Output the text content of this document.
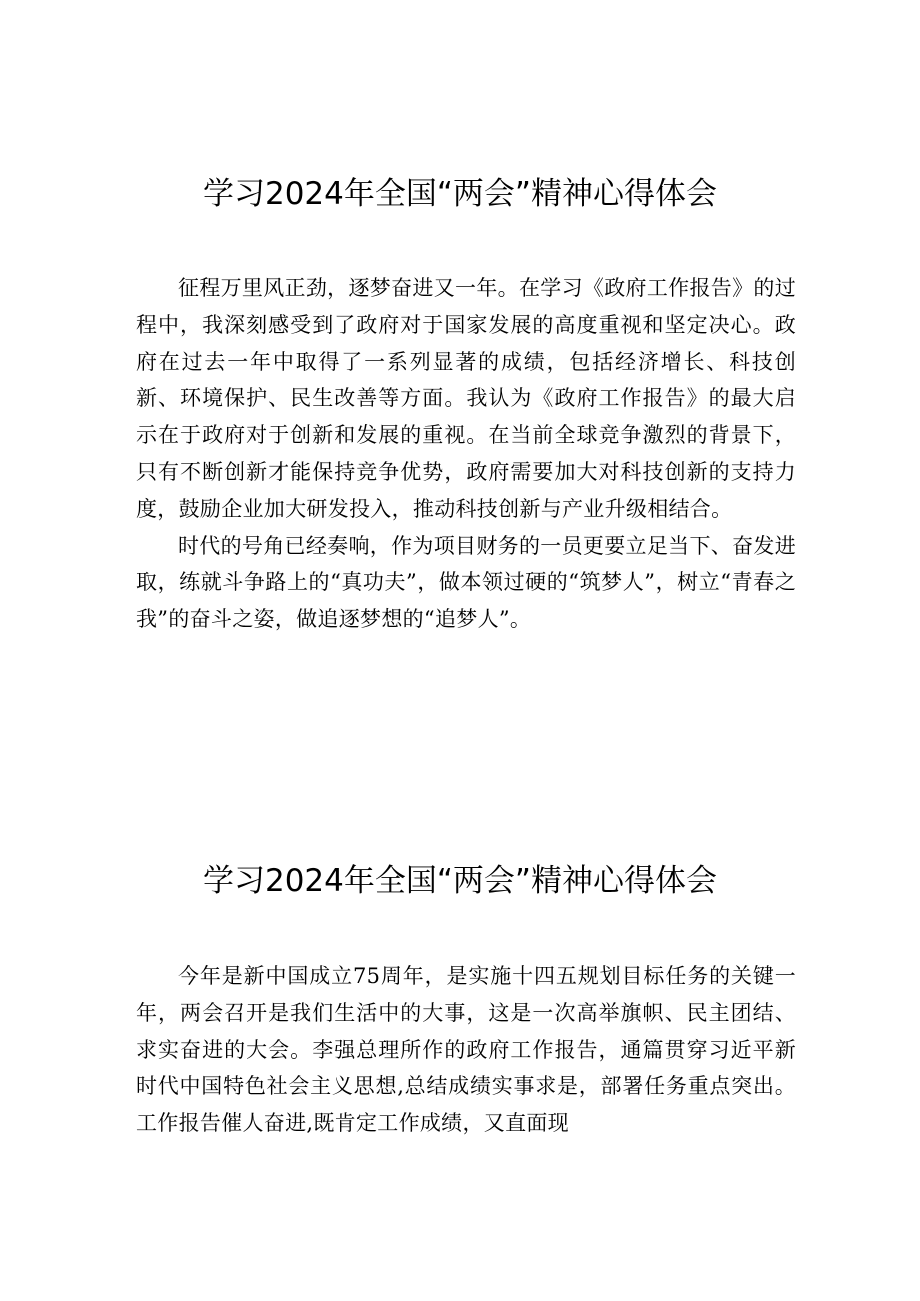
学习2024年全国“两会”精神心得体会

征程万里风正劲，逐梦奋进又一年。在学习《政府工作报告》的过程中，我深刻感受到了政府对于国家发展的高度重视和坚定决心。政府在过去一年中取得了一系列显著的成绩，包括经济增长、科技创新、环境保护、民生改善等方面。我认为《政府工作报告》的最大启示在于政府对于创新和发展的重视。在当前全球竞争激烈的背景下，只有不断创新才能保持竞争优势，政府需要加大对科技创新的支持力度，鼓励企业加大研发投入，推动科技创新与产业升级相结合。

时代的号角已经奏响，作为项目财务的一员更要立足当下、奋发进取，练就斗争路上的“真功夫”，做本领过硬的“筑梦人”，树立“青春之我”的奋斗之姿，做追逐梦想的“追梦人”。

学习2024年全国“两会”精神心得体会

今年是新中国成立75周年，是实施十四五规划目标任务的关键一年，两会召开是我们生活中的大事，这是一次高举旗帜、民主团结、求实奋进的大会。李强总理所作的政府工作报告，通篇贯穿习近平新时代中国特色社会主义思想,总结成绩实事求是，部署任务重点突出。工作报告催人奋进,既肯定工作成绩，又直面现
